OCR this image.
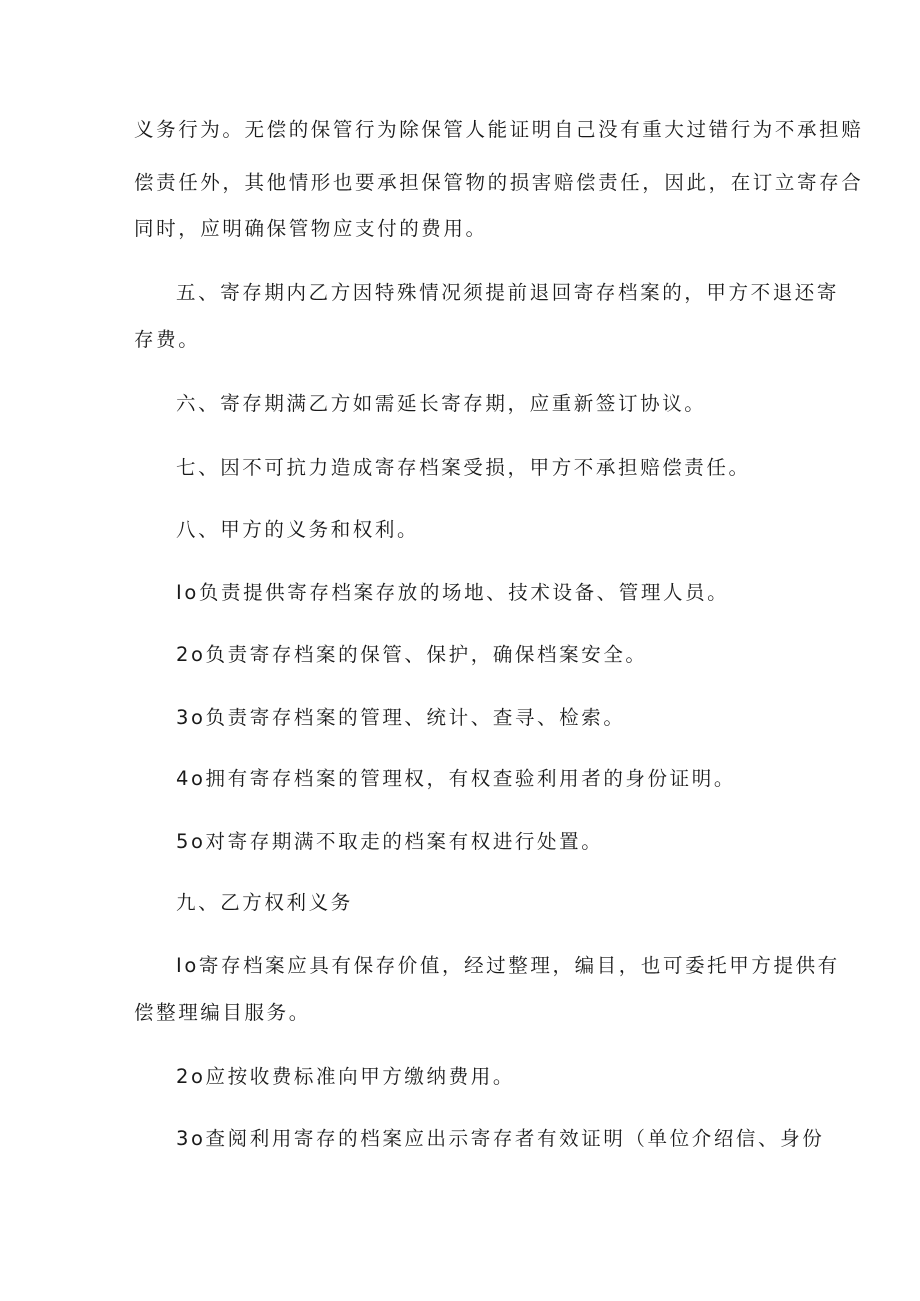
义务行为。无偿的保管行为除保管人能证明自己没有重大过错行为不承担赔
偿责任外，其他情形也要承担保管物的损害赔偿责任，因此，在订立寄存合
同时，应明确保管物应支付的费用。
五、寄存期内乙方因特殊情况须提前退回寄存档案的，甲方不退还寄
存费。
六、寄存期满乙方如需延长寄存期，应重新签订协议。
七、因不可抗力造成寄存档案受损，甲方不承担赔偿责任。
八、甲方的义务和权利。
Io负责提供寄存档案存放的场地、技术设备、管理人员。
2o负责寄存档案的保管、保护，确保档案安全。
3o负责寄存档案的管理、统计、查寻、检索。
4o拥有寄存档案的管理权，有权查验利用者的身份证明。
5o对寄存期满不取走的档案有权进行处置。
九、乙方权利义务
Io寄存档案应具有保存价值，经过整理，编目，也可委托甲方提供有
偿整理编目服务。
2o应按收费标准向甲方缴纳费用。
3o查阅利用寄存的档案应出示寄存者有效证明（单位介绍信、身份
